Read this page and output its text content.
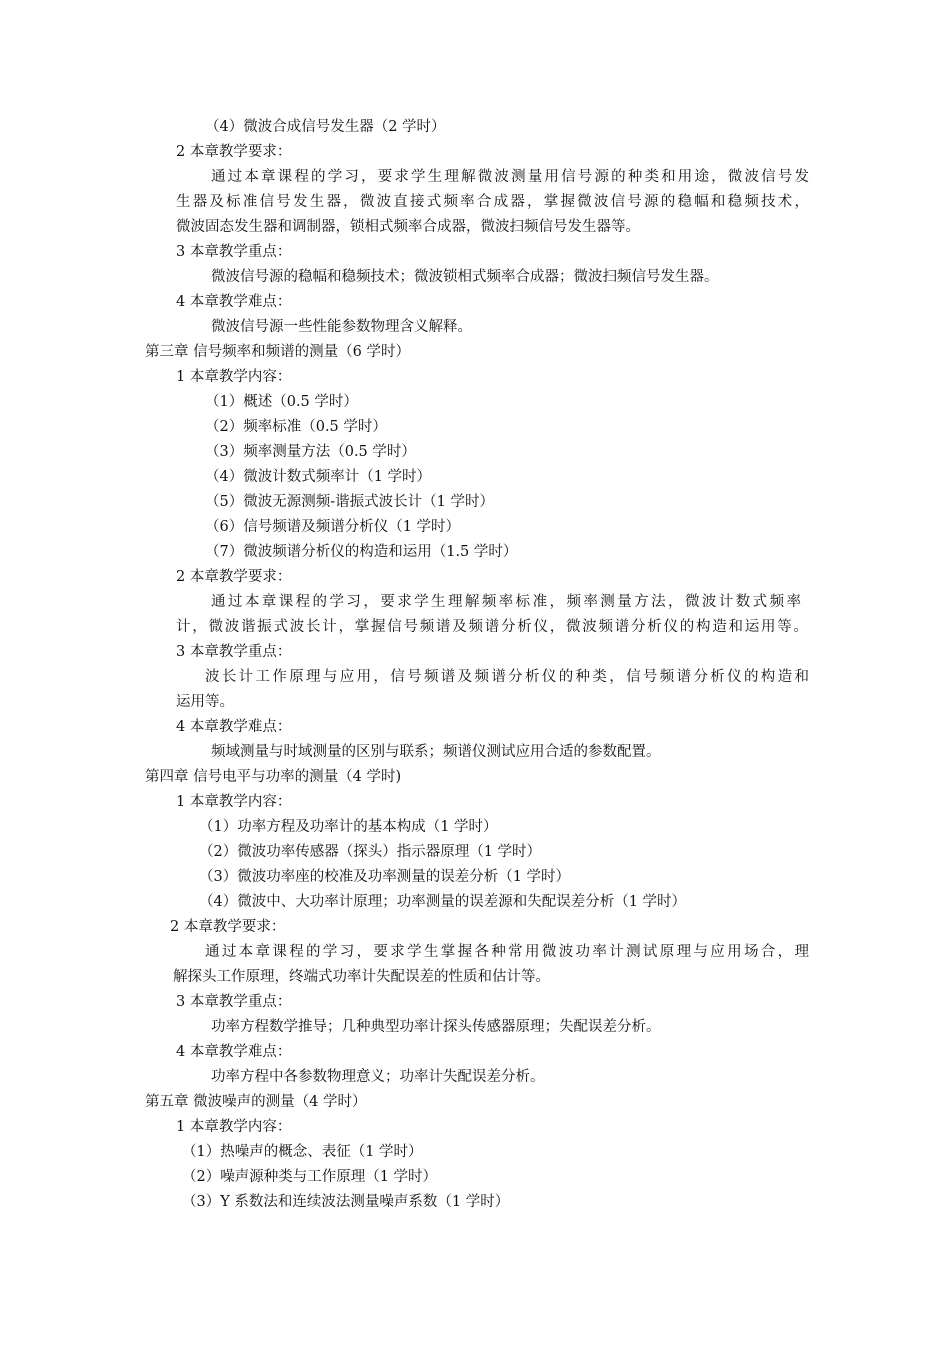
（4）微波合成信号发生器（2 学时）
2 本章教学要求：
通过本章课程的学习，要求学生理解微波测量用信号源的种类和用途，微波信号发
生器及标准信号发生器，微波直接式频率合成器，掌握微波信号源的稳幅和稳频技术，
微波固态发生器和调制器，锁相式频率合成器，微波扫频信号发生器等。
3 本章教学重点：
微波信号源的稳幅和稳频技术；微波锁相式频率合成器；微波扫频信号发生器。
4 本章教学难点：
微波信号源一些性能参数物理含义解释。
第三章 信号频率和频谱的测量（6 学时）
1 本章教学内容：
（1）概述（0.5 学时）
（2）频率标准（0.5 学时）
（3）频率测量方法（0.5 学时）
（4）微波计数式频率计（1 学时）
（5）微波无源测频-谐振式波长计（1 学时）
（6）信号频谱及频谱分析仪（1 学时）
（7）微波频谱分析仪的构造和运用（1.5 学时）
2 本章教学要求：
通过本章课程的学习，要求学生理解频率标准，频率测量方法，微波计数式频率
计，微波谐振式波长计，掌握信号频谱及频谱分析仪，微波频谱分析仪的构造和运用等。
3 本章教学重点：
波长计工作原理与应用，信号频谱及频谱分析仪的种类，信号频谱分析仪的构造和
运用等。
4 本章教学难点：
频域测量与时域测量的区别与联系；频谱仪测试应用合适的参数配置。
第四章 信号电平与功率的测量（4 学时)
1 本章教学内容：
（1）功率方程及功率计的基本构成（1 学时）
（2）微波功率传感器（探头）指示器原理（1 学时）
（3）微波功率座的校准及功率测量的误差分析（1 学时）
（4）微波中、大功率计原理；功率测量的误差源和失配误差分析（1 学时）
2 本章教学要求：
通过本章课程的学习，要求学生掌握各种常用微波功率计测试原理与应用场合，理
解探头工作原理，终端式功率计失配误差的性质和估计等。
3 本章教学重点：
功率方程数学推导；几种典型功率计探头传感器原理；失配误差分析。
4 本章教学难点：
功率方程中各参数物理意义；功率计失配误差分析。
第五章 微波噪声的测量（4 学时）
1 本章教学内容：
（1）热噪声的概念、表征（1 学时）
（2）噪声源种类与工作原理（1 学时）
（3）Y 系数法和连续波法测量噪声系数（1 学时）
